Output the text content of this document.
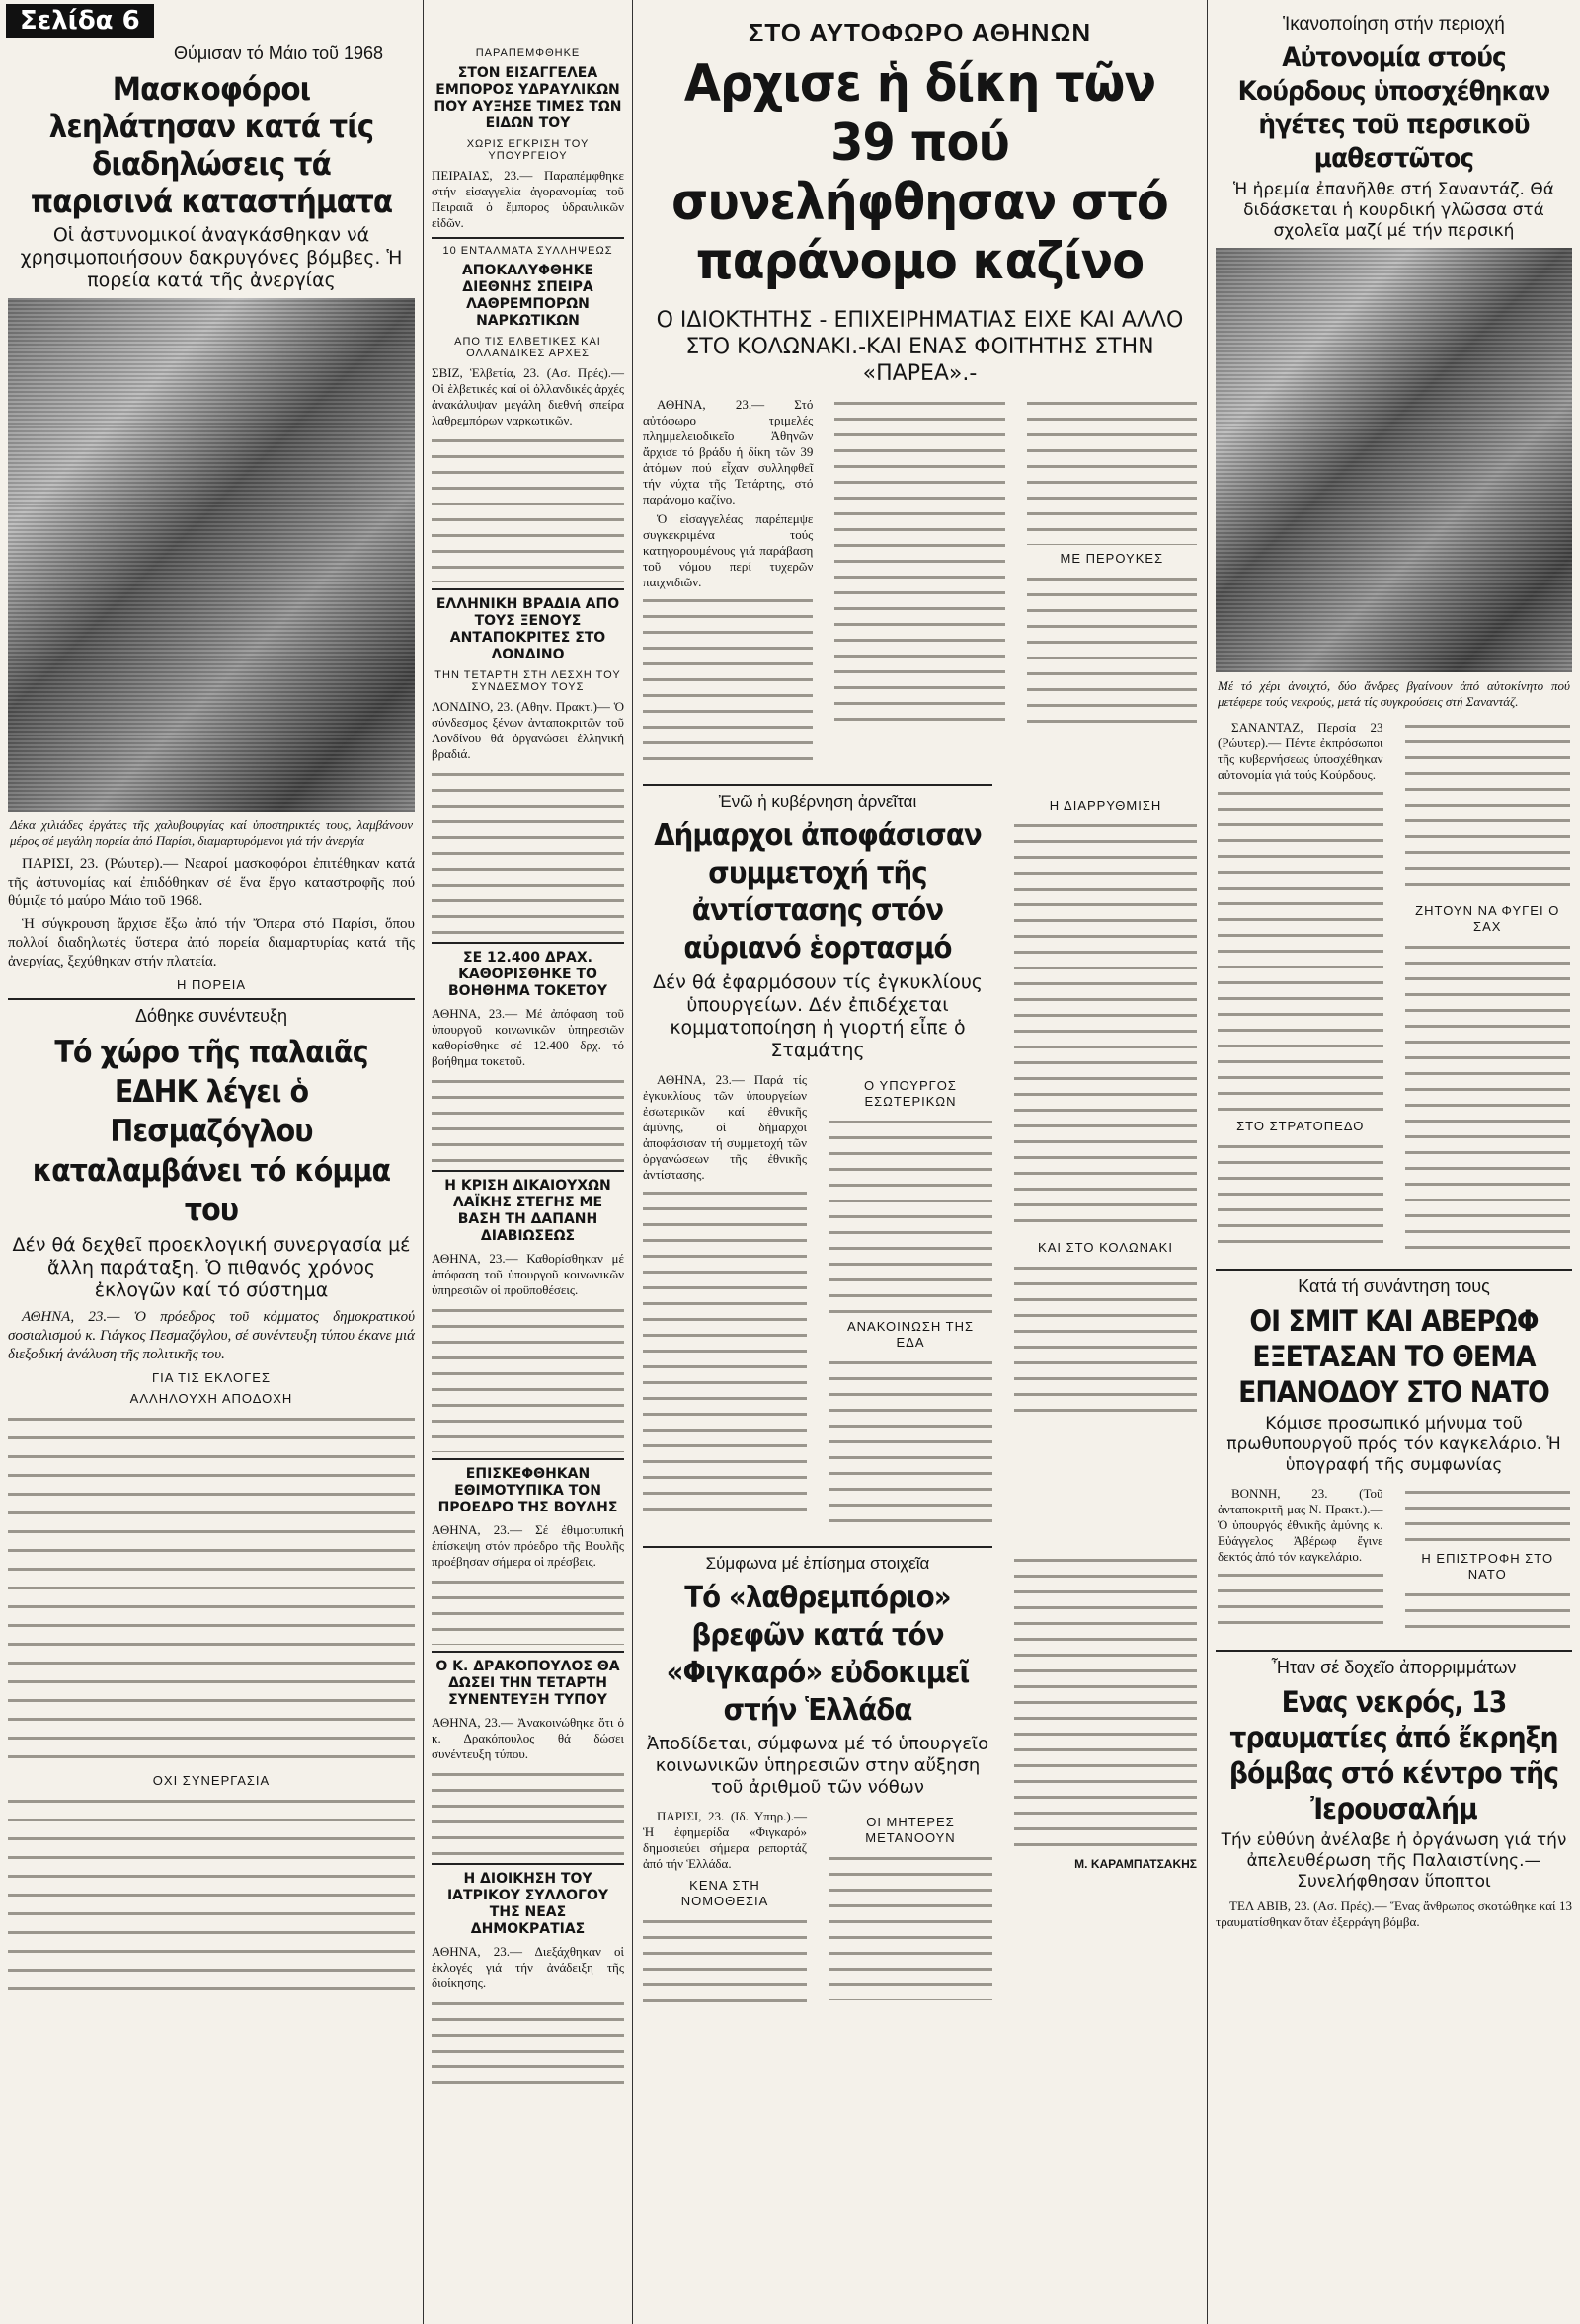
Σελίδα 6
Θύμισαν τό Μάιο τοῦ 1968
Μασκοφόροι λεηλάτησαν κατά τίς διαδηλώσεις τά παρισινά καταστήματα
Οἱ ἀστυνομικοί ἀναγκάσθηκαν νά χρησιμοποιήσουν δακρυγόνες βόμβες. Ἡ πορεία κατά τῆς ἀνεργίας
Δέκα χιλιάδες ἐργάτες τῆς χαλυβουργίας καί ὑποστηρικτές τους, λαμβάνουν μέρος σέ μεγάλη πορεία ἀπό Παρίσι, διαμαρτυρόμενοι γιά τήν ἀνεργία

ΠΑΡΙΣΙ, 23. (Ρώυτερ).— Νεαροί μασκοφόροι ἐπιτέθηκαν κατά τῆς ἀστυνομίας καί ἐπιδόθηκαν σέ ἕνα ἔργο καταστροφῆς πού θύμιζε τό μαύρο Μάιο τοῦ 1968.

Ἡ σύγκρουση ἄρχισε ἔξω ἀπό τήν Ὄπερα στό Παρίσι, ὅπου πολλοί διαδηλωτές ὕστερα ἀπό πορεία διαμαρτυρίας κατά τῆς ἀνεργίας, ξεχύθηκαν στήν πλατεία.

Η ΠΟΡΕΙΑ
Δόθηκε συνέντευξη
Τό χώρο τῆς παλαιᾶς ΕΔΗΚ λέγει ὁ Πεσμαζόγλου καταλαμβάνει τό κόμμα του
Δέν θά δεχθεῖ προεκλογική συνεργασία μέ ἄλλη παράταξη. Ὁ πιθανός χρόνος ἐκλογῶν καί τό σύστημα

ΑΘΗΝΑ, 23.— Ὁ πρόεδρος τοῦ κόμματος δημοκρατικού σοσιαλισμού κ. Γιάγκος Πεσμαζόγλου, σέ συνέντευξη τύπου έκανε μιά διεξοδική ἀνάλυση τῆς πολιτικῆς του.

ΓΙΑ ΤΙΣ ΕΚΛΟΓΕΣ
ΑΛΛΗΛΟΥΧΗ ΑΠΟΔΟΧΗ
ΟΧΙ ΣΥΝΕΡΓΑΣΙΑ
ΠΑΡΑΠΕΜΦΘΗΚΕ
ΣΤΟΝ ΕΙΣΑΓΓΕΛΕΑ ΕΜΠΟΡΟΣ ΥΔΡΑΥΛΙΚΩΝ ΠΟΥ ΑΥΞΗΣΕ ΤΙΜΕΣ ΤΩΝ ΕΙΔΩΝ ΤΟΥ
ΧΩΡΙΣ ΕΓΚΡΙΣΗ ΤΟΥ ΥΠΟΥΡΓΕΙΟΥ
ΠΕΙΡΑΙΑΣ, 23.— Παραπέμφθηκε στήν εἰσαγγελία ἀγορανομίας τοῦ Πειραιᾶ ὁ ἔμπορος ὑδραυλικῶν εἰδῶν.
10 ΕΝΤΑΛΜΑΤΑ ΣΥΛΛΗΨΕΩΣ
ΑΠΟΚΑΛΥΦΘΗΚΕ ΔΙΕΘΝΗΣ ΣΠΕΙΡΑ ΛΑΘΡΕΜΠΟΡΩΝ ΝΑΡΚΩΤΙΚΩΝ
ΑΠΟ ΤΙΣ ΕΛΒΕΤΙΚΕΣ ΚΑΙ ΟΛΛΑΝΔΙΚΕΣ ΑΡΧΕΣ
ΣΒΙΖ, Ἑλβετία, 23. (Ασ. Πρές).— Οἱ ἑλβετικές καί οἱ ὀλλανδικές ἀρχές ἀνακάλυψαν μεγάλη διεθνή σπείρα λαθρεμπόρων ναρκωτικῶν.
ΕΛΛΗΝΙΚΗ ΒΡΑΔΙΑ ΑΠΟ ΤΟΥΣ ΞΕΝΟΥΣ ΑΝΤΑΠΟΚΡΙΤΕΣ ΣΤΟ ΛΟΝΔΙΝΟ
ΤΗΝ ΤΕΤΑΡΤΗ ΣΤΗ ΛΕΣΧΗ ΤΟΥ ΣΥΝΔΕΣΜΟΥ ΤΟΥΣ
ΛΟΝΔΙΝΟ, 23. (Αθην. Πρακτ.)— Ὁ σύνδεσμος ξένων ἀνταποκριτῶν τοῦ Λονδίνου θά ὀργανώσει ἑλληνική βραδιά.
ΣΕ 12.400 ΔΡΑΧ. ΚΑΘΟΡΙΣΘΗΚΕ ΤΟ ΒΟΗΘΗΜΑ ΤΟΚΕΤΟΥ
ΑΘΗΝΑ, 23.— Μέ ἀπόφαση τοῦ ὑπουργοῦ κοινωνικῶν ὑπηρεσιῶν καθορίσθηκε σέ 12.400 δρχ. τό βοήθημα τοκετοῦ.
Η ΚΡΙΣΗ ΔΙΚΑΙΟΥΧΩΝ ΛΑΪΚΗΣ ΣΤΕΓΗΣ ΜΕ ΒΑΣΗ ΤΗ ΔΑΠΑΝΗ ΔΙΑΒΙΩΣΕΩΣ
ΑΘΗΝΑ, 23.— Καθορίσθηκαν μέ ἀπόφαση τοῦ ὑπουργοῦ κοινωνικῶν ὑπηρεσιῶν οἱ προϋποθέσεις.
ΕΠΙΣΚΕΦΘΗΚΑΝ ΕΘΙΜΟΤΥΠΙΚΑ ΤΟΝ ΠΡΟΕΔΡΟ ΤΗΣ ΒΟΥΛΗΣ
ΑΘΗΝΑ, 23.— Σέ ἐθιμοτυπική ἐπίσκεψη στόν πρόεδρο τῆς Βουλῆς προέβησαν σήμερα οἱ πρέσβεις.
Ο Κ. ΔΡΑΚΟΠΟΥΛΟΣ ΘΑ ΔΩΣΕΙ ΤΗΝ ΤΕΤΑΡΤΗ ΣΥΝΕΝΤΕΥΞΗ ΤΥΠΟΥ
ΑΘΗΝΑ, 23.— Ἀνακοινώθηκε ὅτι ὁ κ. Δρακόπουλος θά δώσει συνέντευξη τύπου.
Η ΔΙΟΙΚΗΣΗ ΤΟΥ ΙΑΤΡΙΚΟΥ ΣΥΛΛΟΓΟΥ ΤΗΣ ΝΕΑΣ ΔΗΜΟΚΡΑΤΙΑΣ
ΑΘΗΝΑ, 23.— Διεξάχθηκαν οἱ ἐκλογές γιά τήν ἀνάδειξη τῆς διοίκησης.
ΣΤΟ ΑΥΤΟΦΩΡΟ ΑΘΗΝΩΝ
Αρχισε ἡ δίκη τῶν 39 πού συνελήφθησαν στό παράνομο καζίνο
Ο ΙΔΙΟΚΤΗΤΗΣ - ΕΠΙΧΕΙΡΗΜΑΤΙΑΣ ΕΙΧΕ ΚΑΙ ΑΛΛΟ ΣΤΟ ΚΟΛΩΝΑΚΙ.-ΚΑΙ ΕΝΑΣ ΦΟΙΤΗΤΗΣ ΣΤΗΝ «ΠΑΡΕΑ».-

ΑΘΗΝΑ, 23.— Στό αὐτόφωρο τριμελές πλημμελειοδικεῖο Ἀθηνῶν ἄρχισε τό βράδυ ἡ δίκη τῶν 39 ἀτόμων πού εἶχαν συλληφθεῖ τήν νύχτα τῆς Τετάρτης, στό παράνομο καζίνο.

Ὁ εἰσαγγελέας παρέπεμψε συγκεκριμένα τούς κατηγορουμένους γιά παράβαση τοῦ νόμου περί τυχερῶν παιχνιδιῶν.

ΜΕ ΠΕΡΟΥΚΕΣ
Ἐνῶ ἡ κυβέρνηση ἀρνεῖται
Δήμαρχοι ἀποφάσισαν συμμετοχή τῆς ἀντίστασης στόν αὐριανό ἑορτασμό
Δέν θά ἐφαρμόσουν τίς ἐγκυκλίους ὑπουργείων. Δέν ἐπιδέχεται κομματοποίηση ἡ γιορτή εἶπε ὁ Σταμάτης

ΑΘΗΝΑ, 23.— Παρά τίς ἐγκυκλίους τῶν ὑπουργείων ἐσωτερικῶν καί ἐθνικῆς ἀμύνης, οἱ δήμαρχοι ἀποφάσισαν τή συμμετοχή τῶν ὀργανώσεων τῆς ἐθνικῆς ἀντίστασης.

Ο ΥΠΟΥΡΓΟΣ ΕΣΩΤΕΡΙΚΩΝ
ΑΝΑΚΟΙΝΩΣΗ ΤΗΣ ΕΔΑ
Η ΔΙΑΡΡΥΘΜΙΣΗ
ΚΑΙ ΣΤΟ ΚΟΛΩΝΑΚΙ
Σύμφωνα μέ ἐπίσημα στοιχεῖα
Τό «λαθρεμπόριο» βρεφῶν κατά τόν «Φιγκαρό» εὐδοκιμεῖ στήν Ἑλλάδα
Ἀποδίδεται, σύμφωνα μέ τό ὑπουργεῖο κοινωνικῶν ὑπηρεσιῶν στην αὔξηση τοῦ ἀριθμοῦ τῶν νόθων

ΠΑΡΙΣΙ, 23. (Ιδ. Υπηρ.).— Ἡ ἐφημερίδα «Φιγκαρό» δημοσιεύει σήμερα ρεπορτάζ ἀπό τήν Ἑλλάδα.

ΚΕΝΑ ΣΤΗ ΝΟΜΟΘΕΣΙΑ
ΟΙ ΜΗΤΕΡΕΣ ΜΕΤΑΝΟΟΥΝ
Μ. ΚΑΡΑΜΠΑΤΣΑΚΗΣ
Ἱκανοποίηση στήν περιοχή
Αὐτονομία στούς Κούρδους ὑποσχέθηκαν ἡγέτες τοῦ περσικοῦ μαθεστῶτος
Ἡ ἠρεμία ἐπανῆλθε στή Σαναντάζ. Θά διδάσκεται ἡ κουρδική γλῶσσα στά σχολεῖα μαζί μέ τήν περσική
Μέ τό χέρι ἀνοιχτό, δύο ἄνδρες βγαίνουν ἀπό αὐτοκίνητο πού μετέφερε τούς νεκρούς, μετά τίς συγκρούσεις στή Σαναντάζ.

ΣΑΝΑΝΤΑΖ, Περσία 23 (Ρώυτερ).— Πέντε ἐκπρόσωποι τῆς κυβερνήσεως ὑποσχέθηκαν αὐτονομία γιά τούς Κούρδους.

ΣΤΟ ΣΤΡΑΤΟΠΕΔΟ
ΖΗΤΟΥΝ ΝΑ ΦΥΓΕΙ Ο ΣΑΧ
Κατά τή συνάντηση τους
ΟΙ ΣΜΙΤ ΚΑΙ ΑΒΕΡΩΦ ΕΞΕΤΑΣΑΝ ΤΟ ΘΕΜΑ ΕΠΑΝΟΔΟΥ ΣΤΟ ΝΑΤΟ
Κόμισε προσωπικό μήνυμα τοῦ πρωθυπουργοῦ πρός τόν καγκελάριο. Ἡ ὑπογραφή τῆς συμφωνίας

ΒΟΝΝΗ, 23. (Τοῦ ἀνταποκριτῆ μας Ν. Πρακτ.).— Ὁ ὑπουργός ἐθνικῆς ἀμύνης κ. Εὐάγγελος Ἀβέρωφ ἔγινε δεκτός ἀπό τόν καγκελάριο.	Η ΕΠΙΣΤΡΟΦΗ ΣΤΟ ΝΑΤΟ
Ἦταν σέ δοχεῖο ἀπορριμμάτων
Ενας νεκρός, 13 τραυματίες ἀπό ἔκρηξη βόμβας στό κέντρο τῆς Ἰερουσαλήμ
Τήν εὐθύνη ἀνέλαβε ἡ ὀργάνωση γιά τήν ἀπελευθέρωση τῆς Παλαιστίνης.— Συνελήφθησαν ὕποπτοι

ΤΕΛ ΑΒΙΒ, 23. (Ασ. Πρές).— Ἕνας ἄνθρωπος σκοτώθηκε καί 13 τραυματίσθηκαν ὅταν ἐξερράγη βόμβα.
